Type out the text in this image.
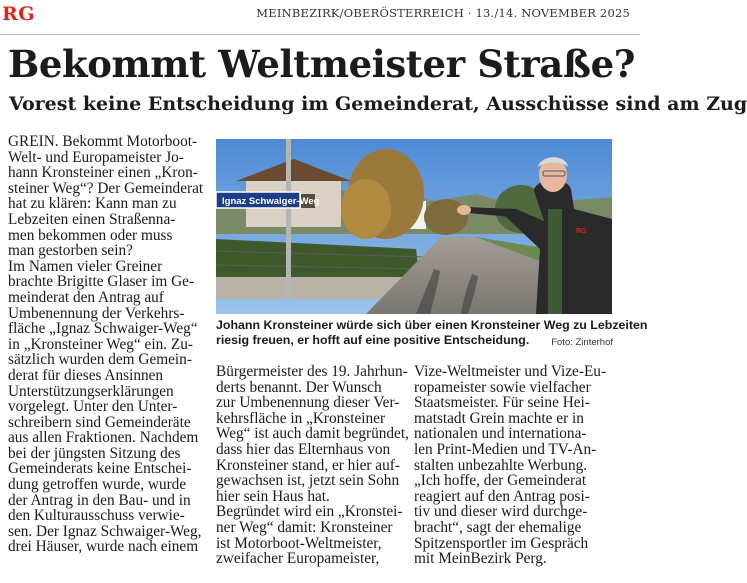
RG	MEINBEZIRK/OBERÖSTERREICH · 13./14. NOVEMBER 2025
Bekommt Weltmeister Straße?
Vorest keine Entscheidung im Gemeinderat, Ausschüsse sind am Zug
GREIN. Bekommt Motorboot-
Welt- und Europameister Jo-
hann Kronsteiner einen „Kron-
steiner Weg“? Der Gemeinderat
hat zu klären: Kann man zu
Lebzeiten einen Straßenna-
men bekommen oder muss
man gestorben sein?
Im Namen vieler Greiner
brachte Brigitte Glaser im Ge-
meinderat den Antrag auf
Umbenennung der Verkehrs-
fläche „Ignaz Schwaiger-Weg“
in „Kronsteiner Weg“ ein. Zu-
sätzlich wurden dem Gemein-
derat für dieses Ansinnen
Unterstützungserklärungen
vorgelegt. Unter den Unter-
schreibern sind Gemeinderäte
aus allen Fraktionen. Nachdem
bei der jüngsten Sitzung des
Gemeinderats keine Entschei-
dung getroffen wurde, wurde
der Antrag in den Bau- und in
den Kulturausschuss verwie-
sen. Der Ignaz Schwaiger-Weg,
drei Häuser, wurde nach einem
Ignaz Schwaiger-Weg
RG
Johann Kronsteiner würde sich über einen Kronsteiner Weg zu Lebzeiten
riesig freuen, er hofft auf eine positive Entscheidung.	Foto: Zinterhof
Bürgermeister des 19. Jahrhun-
derts benannt. Der Wunsch
zur Umbenennung dieser Ver-
kehrsfläche in „Kronsteiner
Weg“ ist auch damit begründet,
dass hier das Elternhaus von
Kronsteiner stand, er hier auf-
gewachsen ist, jetzt sein Sohn
hier sein Haus hat.
Begründet wird ein „Kronstei-
ner Weg“ damit: Kronsteiner
ist Motorboot-Weltmeister,
zweifacher Europameister,
Vize-Weltmeister und Vize-Eu-
ropameister sowie vielfacher
Staatsmeister. Für seine Hei-
matstadt Grein machte er in
nationalen und internationa-
len Print-Medien und TV-An-
stalten unbezahlte Werbung.
„Ich hoffe, der Gemeinderat
reagiert auf den Antrag posi-
tiv und dieser wird durchge-
bracht“, sagt der ehemalige
Spitzensportler im Gespräch
mit MeinBezirk Perg.
